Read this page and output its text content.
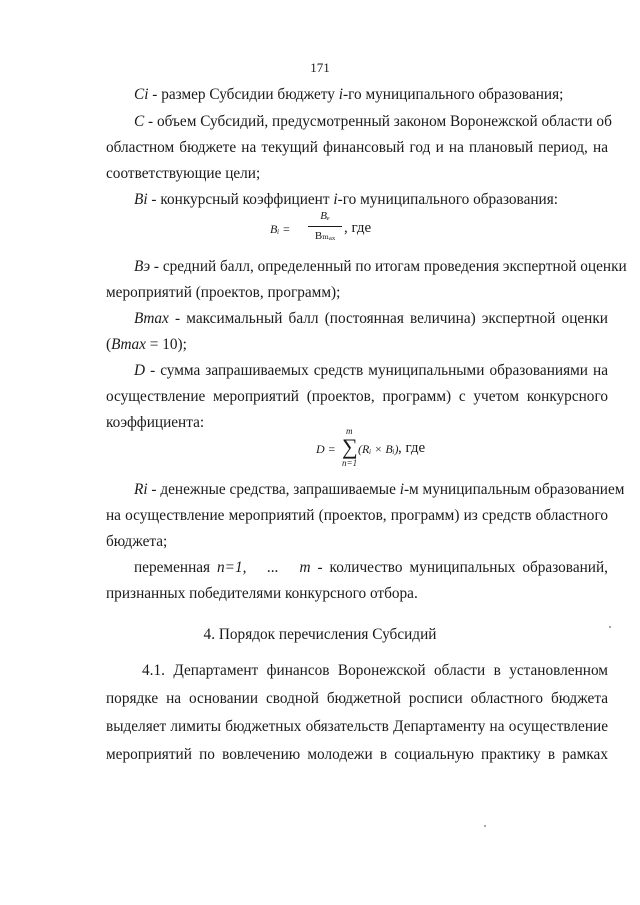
171
Ci - размер Субсидии бюджету i-го муниципального образования;
C - объем Субсидий, предусмотренный законом Воронежской области об
областном бюджете на текущий финансовый год и на плановый период, на
соответствующие цели;
Bi - конкурсный коэффициент i-го муниципального образования:
Bᵢ =
Bₑ
Bₘₐₓ , где
Вэ - средний балл, определенный по итогам проведения экспертной оценки
мероприятий (проектов, программ);
Bmax - максимальный балл (постоянная величина) экспертной оценки
(Bmax = 10);
D - сумма запрашиваемых средств муниципальными образованиями на
осуществление мероприятий (проектов, программ) с учетом конкурсного
коэффициента:
D =
m
∑
n=1
(Rᵢ × Bᵢ) , где
Ri - денежные средства, запрашиваемые i-м муниципальным образованием
на осуществление мероприятий (проектов, программ) из средств областного
бюджета;
переменная n=1,   ...   m - количество муниципальных образований,
признанных победителями конкурсного отбора.
4. Порядок перечисления Субсидий
4.1. Департамент финансов Воронежской области в установленном
порядке на основании сводной бюджетной росписи областного бюджета
выделяет лимиты бюджетных обязательств Департаменту на осуществление
мероприятий по вовлечению молодежи в социальную практику в рамках
